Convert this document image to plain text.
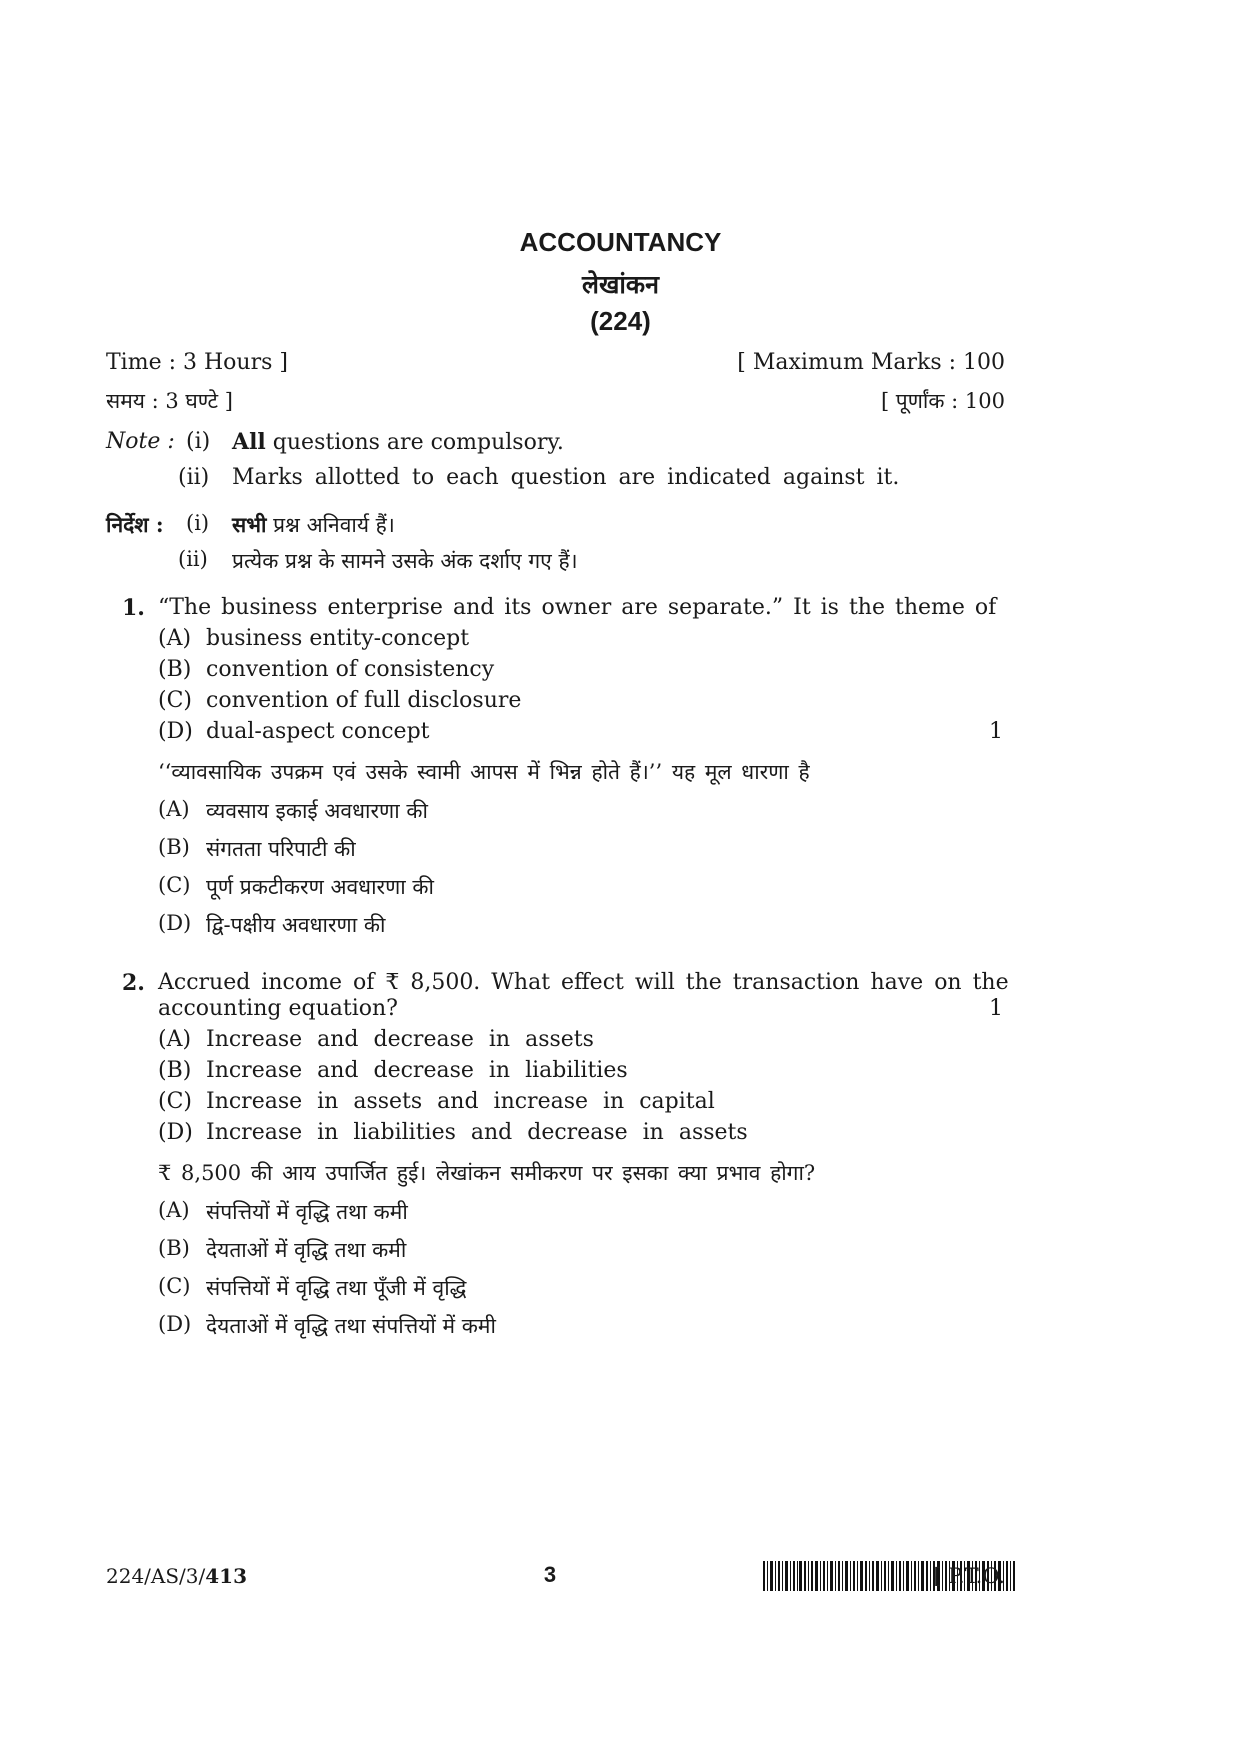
ACCOUNTANCY
लेखांकन
(224)
Time : 3 Hours ]	[ Maximum Marks : 100
समय : 3 घण्टे ]	[ पूर्णांक : 100
Note : (i) All questions are compulsory.
(ii) Marks allotted to each question are indicated against it.
निर्देश : (i) सभी प्रश्न अनिवार्य हैं।
(ii) प्रत्येक प्रश्न के सामने उसके अंक दर्शाए गए हैं।
1. “The business enterprise and its owner are separate.” It is the theme of
(A) business entity-concept
(B) convention of consistency
(C) convention of full disclosure
(D) dual-aspect concept	1
‘‘व्यावसायिक उपक्रम एवं उसके स्वामी आपस में भिन्न होते हैं।’’ यह मूल धारणा है
(A) व्यवसाय इकाई अवधारणा की
(B) संगतता परिपाटी की
(C) पूर्ण प्रकटीकरण अवधारणा की
(D) द्वि-पक्षीय अवधारणा की
2. Accrued income of ₹ 8,500. What effect will the transaction have on the
accounting equation?	1
(A) Increase and decrease in assets
(B) Increase and decrease in liabilities
(C) Increase in assets and increase in capital
(D) Increase in liabilities and decrease in assets
₹ 8,500 की आय उपार्जित हुई। लेखांकन समीकरण पर इसका क्या प्रभाव होगा?
(A) संपत्तियों में वृद्धि तथा कमी
(B) देयताओं में वृद्धि तथा कमी
(C) संपत्तियों में वृद्धि तथा पूँजी में वृद्धि
(D) देयताओं में वृद्धि तथा संपत्तियों में कमी
224/AS/3/413	3	[ P.T.O.
